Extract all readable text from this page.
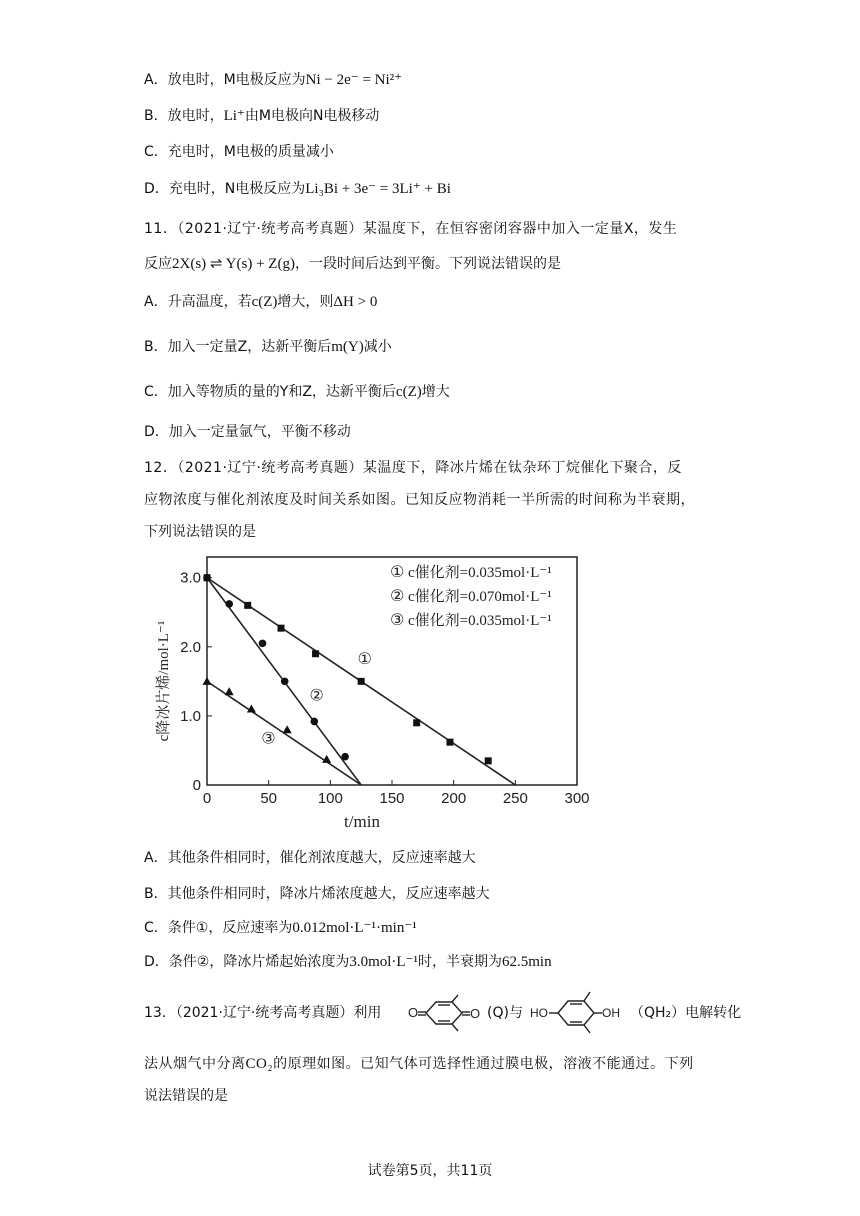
A．放电时，M电极反应为Ni − 2e⁻ = Ni²⁺
B．放电时，Li⁺由M电极向N电极移动
C．充电时，M电极的质量减小
D．充电时，N电极反应为Li₃Bi + 3e⁻ = 3Li⁺ + Bi
11．（2021·辽宁·统考高考真题）某温度下，在恒容密闭容器中加入一定量X，发生
反应2X(s) ⇌ Y(s) + Z(g)，一段时间后达到平衡。下列说法错误的是
A．升高温度，若c(Z)增大，则ΔH > 0
B．加入一定量Z，达新平衡后m(Y)减小
C．加入等物质的量的Y和Z，达新平衡后c(Z)增大
D．加入一定量氩气，平衡不移动
12．（2021·辽宁·统考高考真题）某温度下，降冰片烯在钛杂环丁烷催化下聚合，反
应物浓度与催化剂浓度及时间关系如图。已知反应物消耗一半所需的时间称为半衰期，
下列说法错误的是
0	50	100 150 200 250 300
0
1.0
2.0
3.0
t/min
c降冰片烯/mol·L⁻¹
① c催化剂=0.035mol·L⁻¹
② c催化剂=0.070mol·L⁻¹
③ c催化剂=0.035mol·L⁻¹
①
②
③
A．其他条件相同时，催化剂浓度越大，反应速率越大
B．其他条件相同时，降冰片烯浓度越大，反应速率越大
C．条件①，反应速率为0.012mol·L⁻¹·min⁻¹
D．条件②，降冰片烯起始浓度为3.0mol·L⁻¹时，半衰期为62.5min
13．（2021·辽宁·统考高考真题）利用 O	O (Q)与 HO	OH （QH₂）电解转化
法从烟气中分离CO₂的原理如图。已知气体可选择性通过膜电极，溶液不能通过。下列
说法错误的是
试卷第5页，共11页
